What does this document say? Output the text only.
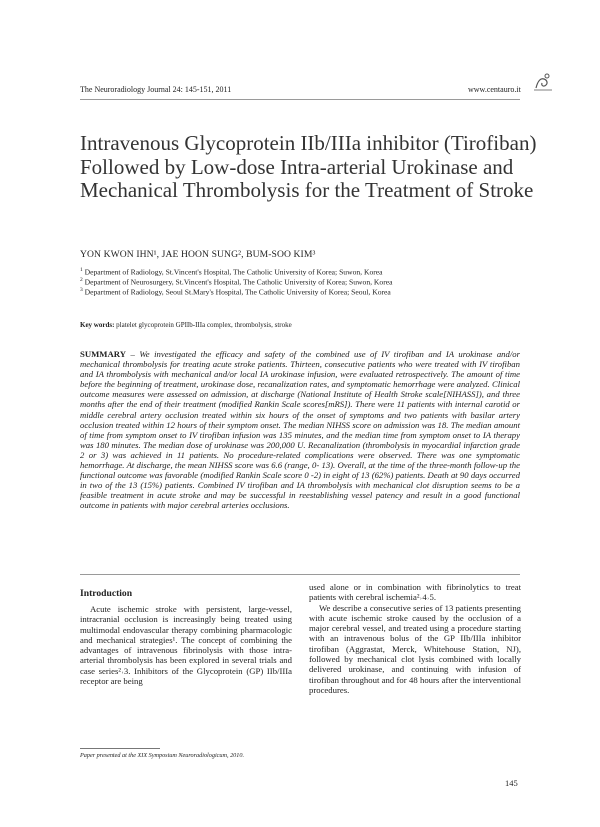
The Neuroradiology Journal 24: 145-151, 2011	www.centauro.it
Intravenous Glycoprotein IIb/IIIa inhibitor (Tirofiban) Followed by Low-dose Intra-arterial Urokinase and Mechanical Thrombolysis for the Treatment of Stroke
YON KWON IHN¹, JAE HOON SUNG², BUM-SOO KIM³
$^1$ Department of Radiology, St.Vincent's Hospital, The Catholic University of Korea; Suwon, Korea
$^2$ Department of Neurosurgery, St.Vincent's Hospital, The Catholic University of Korea; Suwon, Korea
$^3$ Department of Radiology, Seoul St.Mary's Hospital, The Catholic University of Korea; Seoul, Korea
Key words: platelet glycoprotein GPIIb-IIIa complex, thrombolysis, stroke
SUMMARY – We investigated the efficacy and safety of the combined use of IV tirofiban and IA urokinase and/or mechanical thrombolysis for treating acute stroke patients. Thirteen, consecutive patients who were treated with IV tirofiban and IA thrombolysis with mechanical and/or local IA urokinase infusion, were evaluated retrospectively. The amount of time before the beginning of treatment, urokinase dose, recanalization rates, and symptomatic hemorrhage were analyzed. Clinical outcome measures were assessed on admission, at discharge (National Institute of Health Stroke scale[NIHASS]), and three months after the end of their treatment (modified Rankin Scale scores[mRS]). There were 11 patients with internal carotid or middle cerebral artery occlusion treated within six hours of the onset of symptoms and two patients with basilar artery occlusion treated within 12 hours of their symptom onset. The median NIHSS score on admission was 18. The median amount of time from symptom onset to IV tirofiban infusion was 135 minutes, and the median time from symptom onset to IA therapy was 180 minutes. The median dose of urokinase was 200,000 U. Recanalization (thrombolysis in myocardial infarction grade 2 or 3) was achieved in 11 patients. No procedure-related complications were observed. There was one symptomatic hemorrhage. At discharge, the mean NIHSS score was 6.6 (range, 0- 13). Overall, at the time of the three-month follow-up the functional outcome was favorable (modified Rankin Scale score 0 -2) in eight of 13 (62%) patients. Death at 90 days occurred in two of the 13 (15%) patients. Combined IV tirofiban and IA thrombolysis with mechanical clot disruption seems to be a feasible treatment in acute stroke and may be successful in reestablishing vessel patency and result in a good functional outcome in patients with major cerebral arteries occlusions.
Introduction
Acute ischemic stroke with persistent, large-vessel, intracranial occlusion is increasingly being treated using multimodal endovascular therapy combining pharmacologic and mechanical strategies¹. The concept of combining the advantages of intravenous fibrinolysis with those intra-arterial thrombolysis has been explored in several trials and case series²˒3. Inhibitors of the Glycoprotein (GP) IIb/IIIa receptor are being
used alone or in combination with fibrinolytics to treat patients with cerebral ischemia²˒4˒5.
We describe a consecutive series of 13 patients presenting with acute ischemic stroke caused by the occlusion of a major cerebral vessel, and treated using a procedure starting with an intravenous bolus of the GP IIb/IIIa inhibitor tirofiban (Aggrastat, Merck, Whitehouse Station, NJ), followed by mechanical clot lysis combined with locally delivered urokinase, and continuing with infusion of tirofiban throughout and for 48 hours after the interventional procedures.
Paper presented at the XIX Symposium Neuroradiologicum, 2010.
145
